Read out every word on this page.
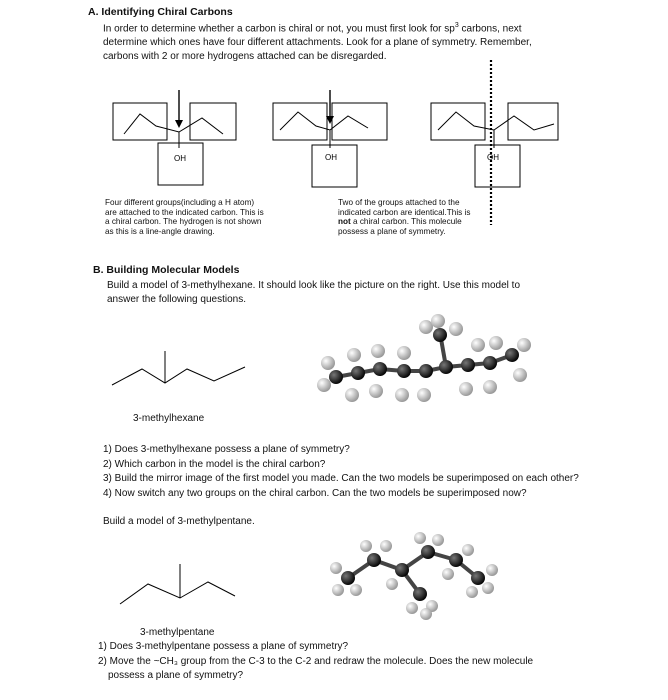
A. Identifying Chiral Carbons
In order to determine whether a carbon is chiral or not, you must first look for $sp^3$ carbons, next
determine which ones have four different attachments. Look for a plane of symmetry. Remember,
carbons with 2 or more hydrogens attached can be disregarded.
OH	OH	OH
Four different groups(including a H atom) are attached to the indicated carbon. This is a chiral carbon. The hydrogen is not shown as this is a line-angle drawing.
Two of the groups attached to the indicated carbon are identical.This is not a chiral carbon. This molecule possess a plane of symmetry.
B. Building Molecular Models
Build a model of 3-methylhexane. It should look like the picture on the right. Use this model to
answer the following questions.
3-methylhexane
1) Does 3-methylhexane possess a plane of symmetry?
2) Which carbon in the model is the chiral carbon?
3) Build the mirror image of the first model you made. Can the two models be superimposed on each other?
4) Now switch any two groups on the chiral carbon. Can the two models be superimposed now?
Build a model of 3-methylpentane.
3-methylpentane
1) Does 3-methylpentane possess a plane of symmetry?
2) Move the ~CH₃ group from the C-3 to the C-2 and redraw the molecule. Does the new molecule
possess a plane of symmetry?
